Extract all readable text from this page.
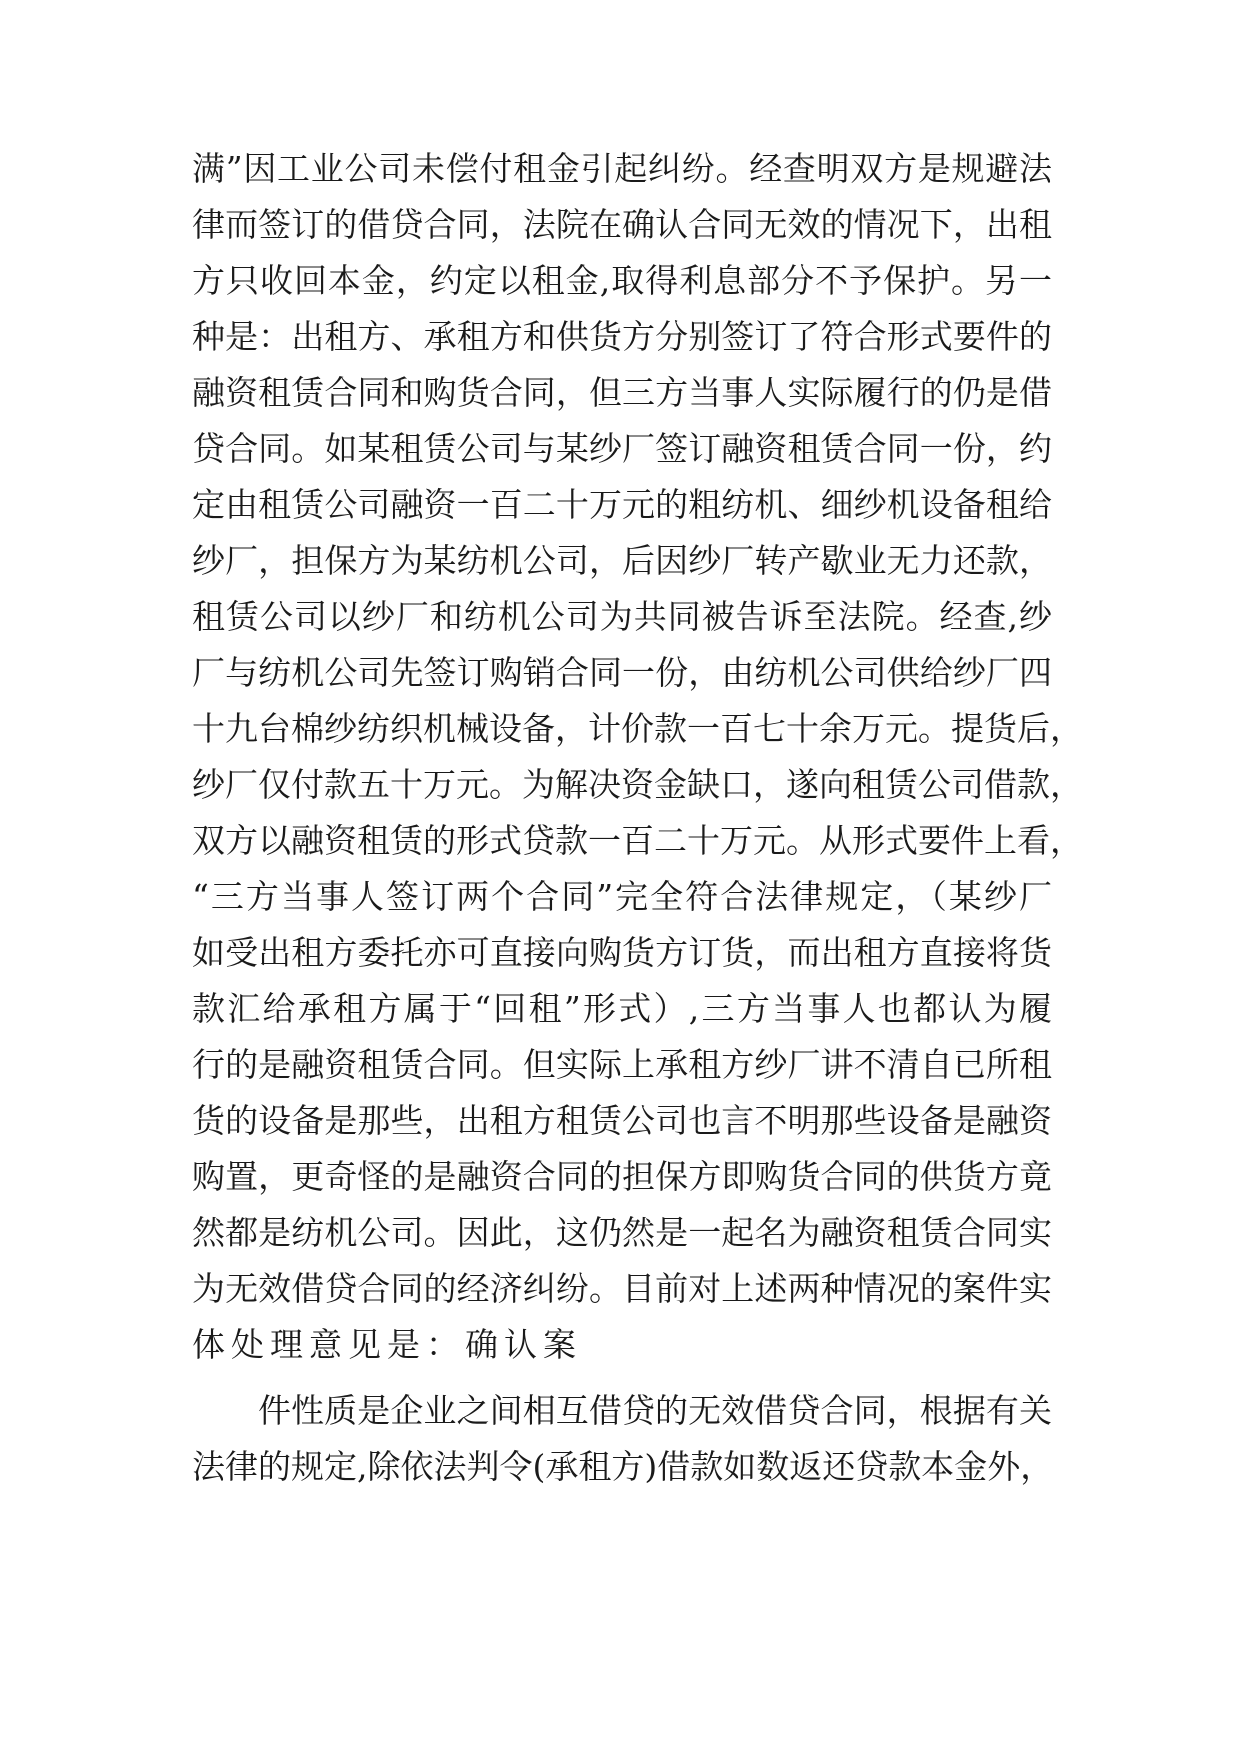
满”因工业公司未偿付租金引起纠纷。经查明双方是规避法
律而签订的借贷合同，法院在确认合同无效的情况下，出租
方只收回本金，约定以租金,取得利息部分不予保护。另一
种是：出租方、承租方和供货方分别签订了符合形式要件的
融资租赁合同和购货合同，但三方当事人实际履行的仍是借
贷合同。如某租赁公司与某纱厂签订融资租赁合同一份，约
定由租赁公司融资一百二十万元的粗纺机、细纱机设备租给
纱厂，担保方为某纺机公司，后因纱厂转产歇业无力还款，
租赁公司以纱厂和纺机公司为共同被告诉至法院。经查,纱
厂与纺机公司先签订购销合同一份，由纺机公司供给纱厂四
十九台棉纱纺织机械设备，计价款一百七十余万元。提货后，
纱厂仅付款五十万元。为解决资金缺口，遂向租赁公司借款，
双方以融资租赁的形式贷款一百二十万元。从形式要件上看，
“三方当事人签订两个合同”完全符合法律规定，（某纱厂
如受出租方委托亦可直接向购货方订货，而出租方直接将货
款汇给承租方属于“回租”形式）,三方当事人也都认为履
行的是融资租赁合同。但实际上承租方纱厂讲不清自已所租
货的设备是那些，出租方租赁公司也言不明那些设备是融资
购置，更奇怪的是融资合同的担保方即购货合同的供货方竟
然都是纺机公司。因此，这仍然是一起名为融资租赁合同实
为无效借贷合同的经济纠纷。目前对上述两种情况的案件实
体处理意见是：确认案
件性质是企业之间相互借贷的无效借贷合同，根据有关
法律的规定,除依法判令(承租方)借款如数返还贷款本金外，
